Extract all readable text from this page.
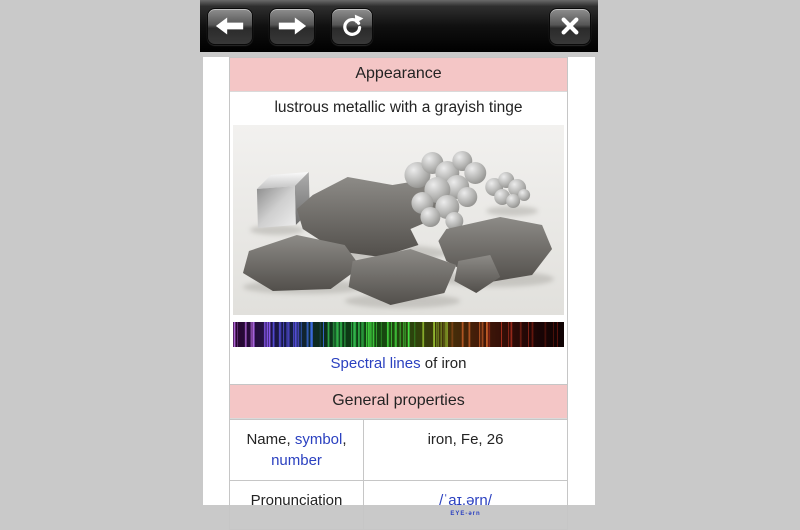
Appearance
lustrous metallic with a grayish tinge
Spectral lines of iron
General properties
Name, symbol, number
iron, Fe, 26
Pronunciation	/ˈaɪ.ərn/
EYE-ərn
